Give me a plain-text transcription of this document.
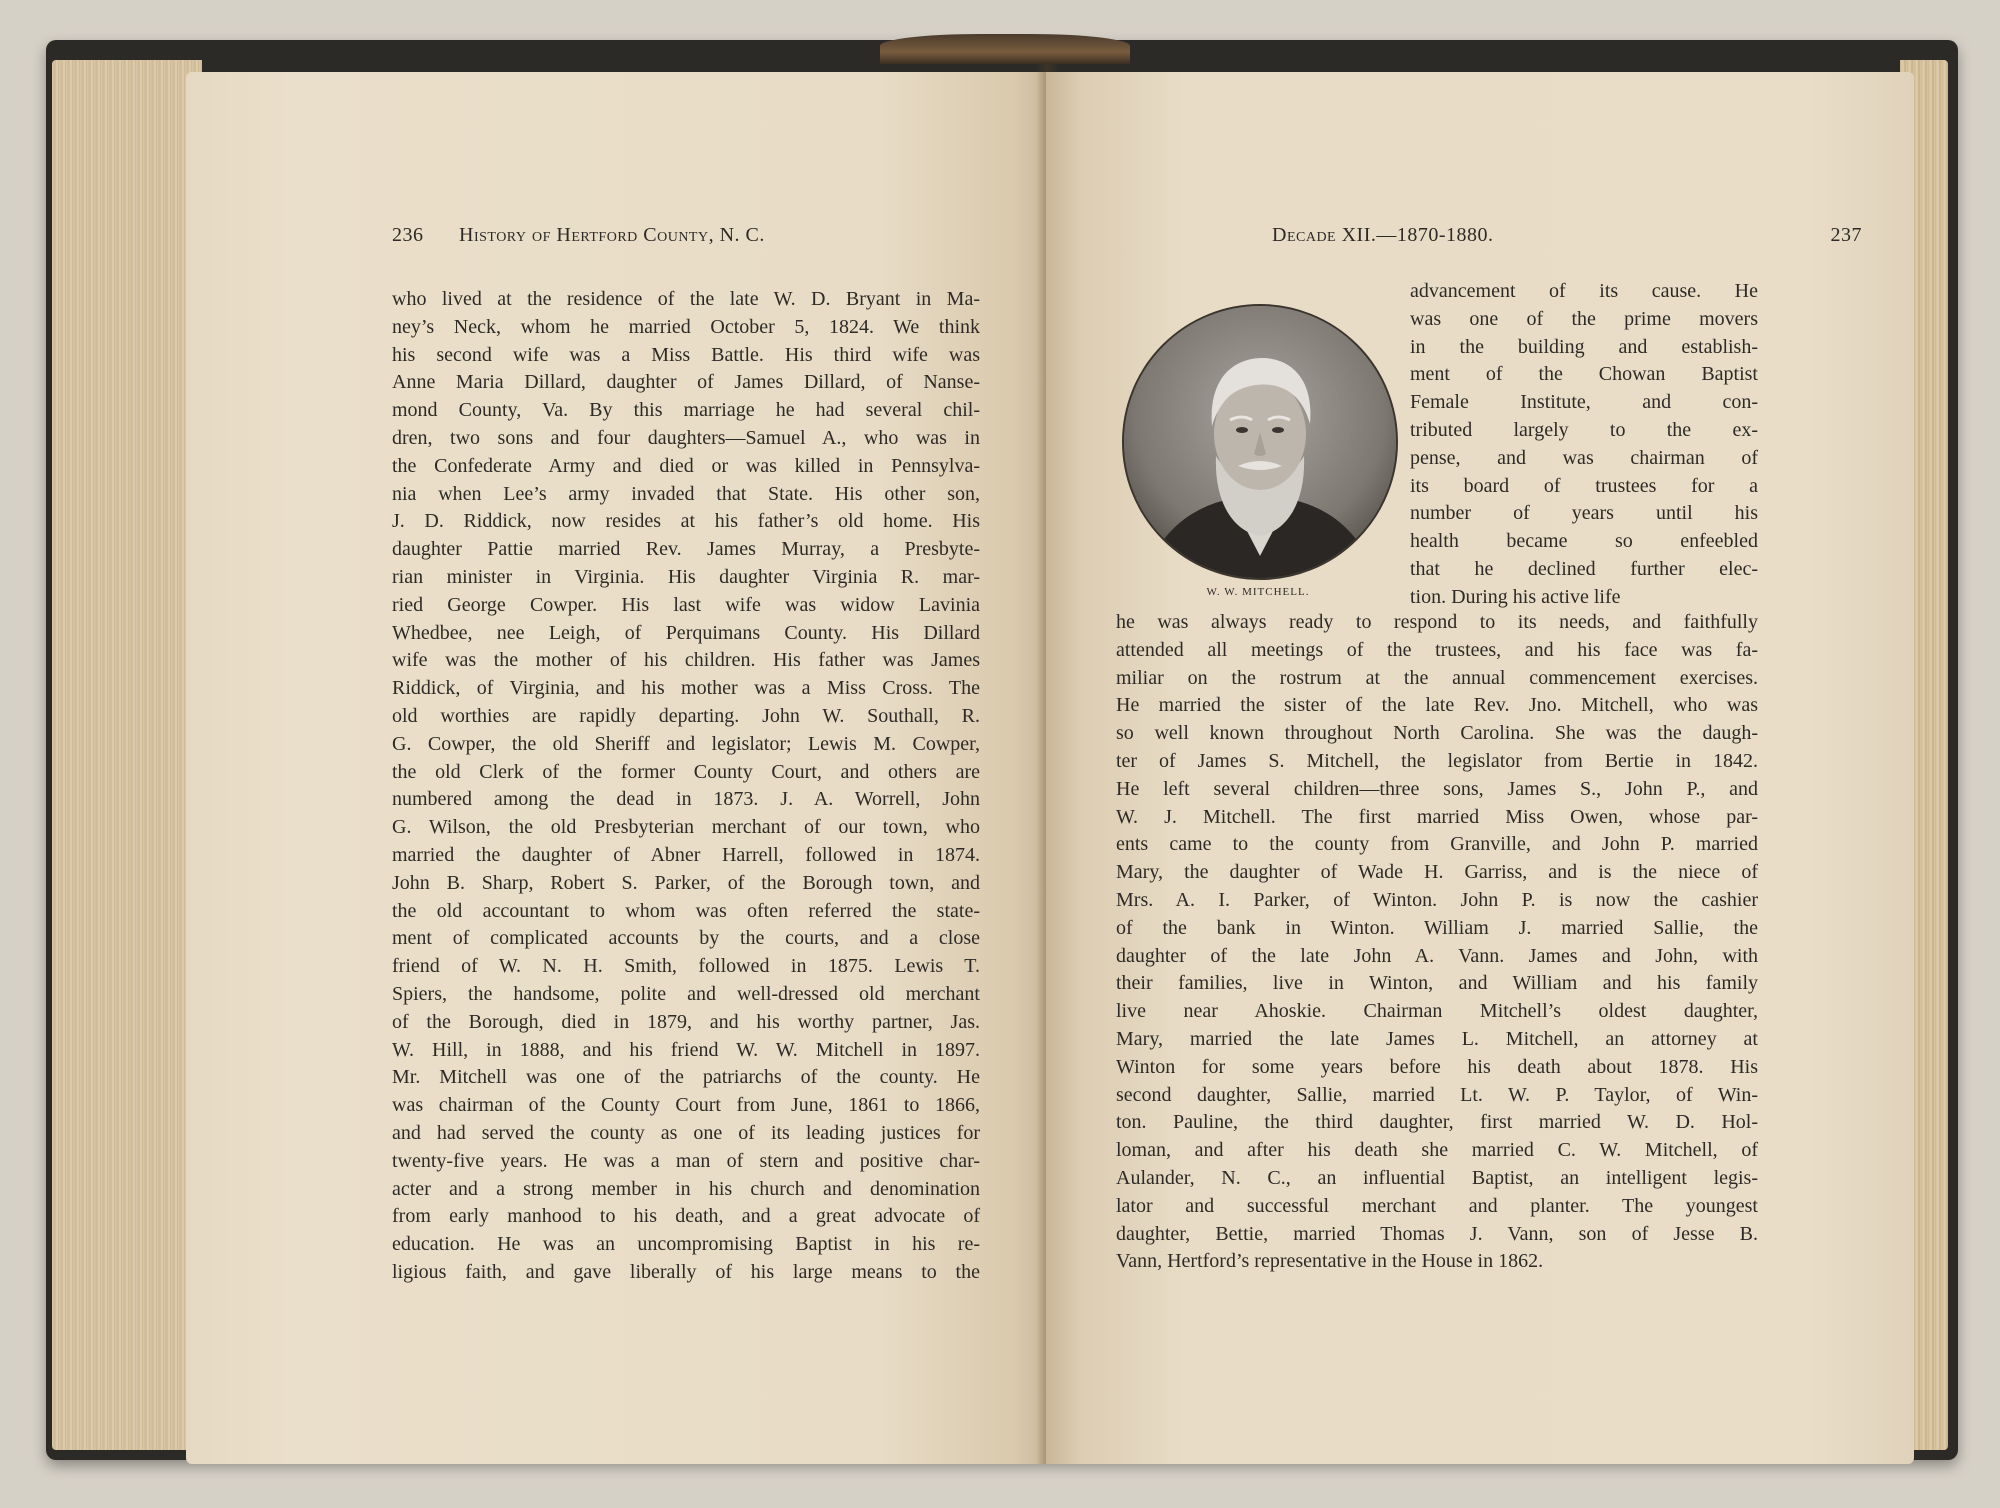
236 History of Hertford County, N. C.
who lived at the residence of the late W. D. Bryant in Ma-
ney’s Neck, whom he married October 5, 1824. We think
his second wife was a Miss Battle. His third wife was
Anne Maria Dillard, daughter of James Dillard, of Nanse-
mond County, Va. By this marriage he had several chil-
dren, two sons and four daughters—Samuel A., who was in
the Confederate Army and died or was killed in Pennsylva-
nia when Lee’s army invaded that State. His other son,
J. D. Riddick, now resides at his father’s old home. His
daughter Pattie married Rev. James Murray, a Presbyte-
rian minister in Virginia. His daughter Virginia R. mar-
ried George Cowper. His last wife was widow Lavinia
Whedbee, nee Leigh, of Perquimans County. His Dillard
wife was the mother of his children. His father was James
Riddick, of Virginia, and his mother was a Miss Cross. The
old worthies are rapidly departing. John W. Southall, R.
G. Cowper, the old Sheriff and legislator; Lewis M. Cowper,
the old Clerk of the former County Court, and others are
numbered among the dead in 1873. J. A. Worrell, John
G. Wilson, the old Presbyterian merchant of our town, who
married the daughter of Abner Harrell, followed in 1874.
John B. Sharp, Robert S. Parker, of the Borough town, and
the old accountant to whom was often referred the state-
ment of complicated accounts by the courts, and a close
friend of W. N. H. Smith, followed in 1875. Lewis T.
Spiers, the handsome, polite and well-dressed old merchant
of the Borough, died in 1879, and his worthy partner, Jas.
W. Hill, in 1888, and his friend W. W. Mitchell in 1897.
Mr. Mitchell was one of the patriarchs of the county. He
was chairman of the County Court from June, 1861 to 1866,
and had served the county as one of its leading justices for
twenty-five years. He was a man of stern and positive char-
acter and a strong member in his church and denomination
from early manhood to his death, and a great advocate of
education. He was an uncompromising Baptist in his re-
ligious faith, and gave liberally of his large means to the
Decade XII.—1870-1880.	237
W. W. MITCHELL.
advancement of its cause. He
was one of the prime movers
in the building and establish-
ment of the Chowan Baptist
Female Institute, and con-
tributed largely to the ex-
pense, and was chairman of
its board of trustees for a
number of years until his
health became so enfeebled
that he declined further elec-
tion. During his active life
he was always ready to respond to its needs, and faithfully
attended all meetings of the trustees, and his face was fa-
miliar on the rostrum at the annual commencement exercises.
He married the sister of the late Rev. Jno. Mitchell, who was
so well known throughout North Carolina. She was the daugh-
ter of James S. Mitchell, the legislator from Bertie in 1842.
He left several children—three sons, James S., John P., and
W. J. Mitchell. The first married Miss Owen, whose par-
ents came to the county from Granville, and John P. married
Mary, the daughter of Wade H. Garriss, and is the niece of
Mrs. A. I. Parker, of Winton. John P. is now the cashier
of the bank in Winton. William J. married Sallie, the
daughter of the late John A. Vann. James and John, with
their families, live in Winton, and William and his family
live near Ahoskie. Chairman Mitchell’s oldest daughter,
Mary, married the late James L. Mitchell, an attorney at
Winton for some years before his death about 1878. His
second daughter, Sallie, married Lt. W. P. Taylor, of Win-
ton. Pauline, the third daughter, first married W. D. Hol-
loman, and after his death she married C. W. Mitchell, of
Aulander, N. C., an influential Baptist, an intelligent legis-
lator and successful merchant and planter. The youngest
daughter, Bettie, married Thomas J. Vann, son of Jesse B.
Vann, Hertford’s representative in the House in 1862.
